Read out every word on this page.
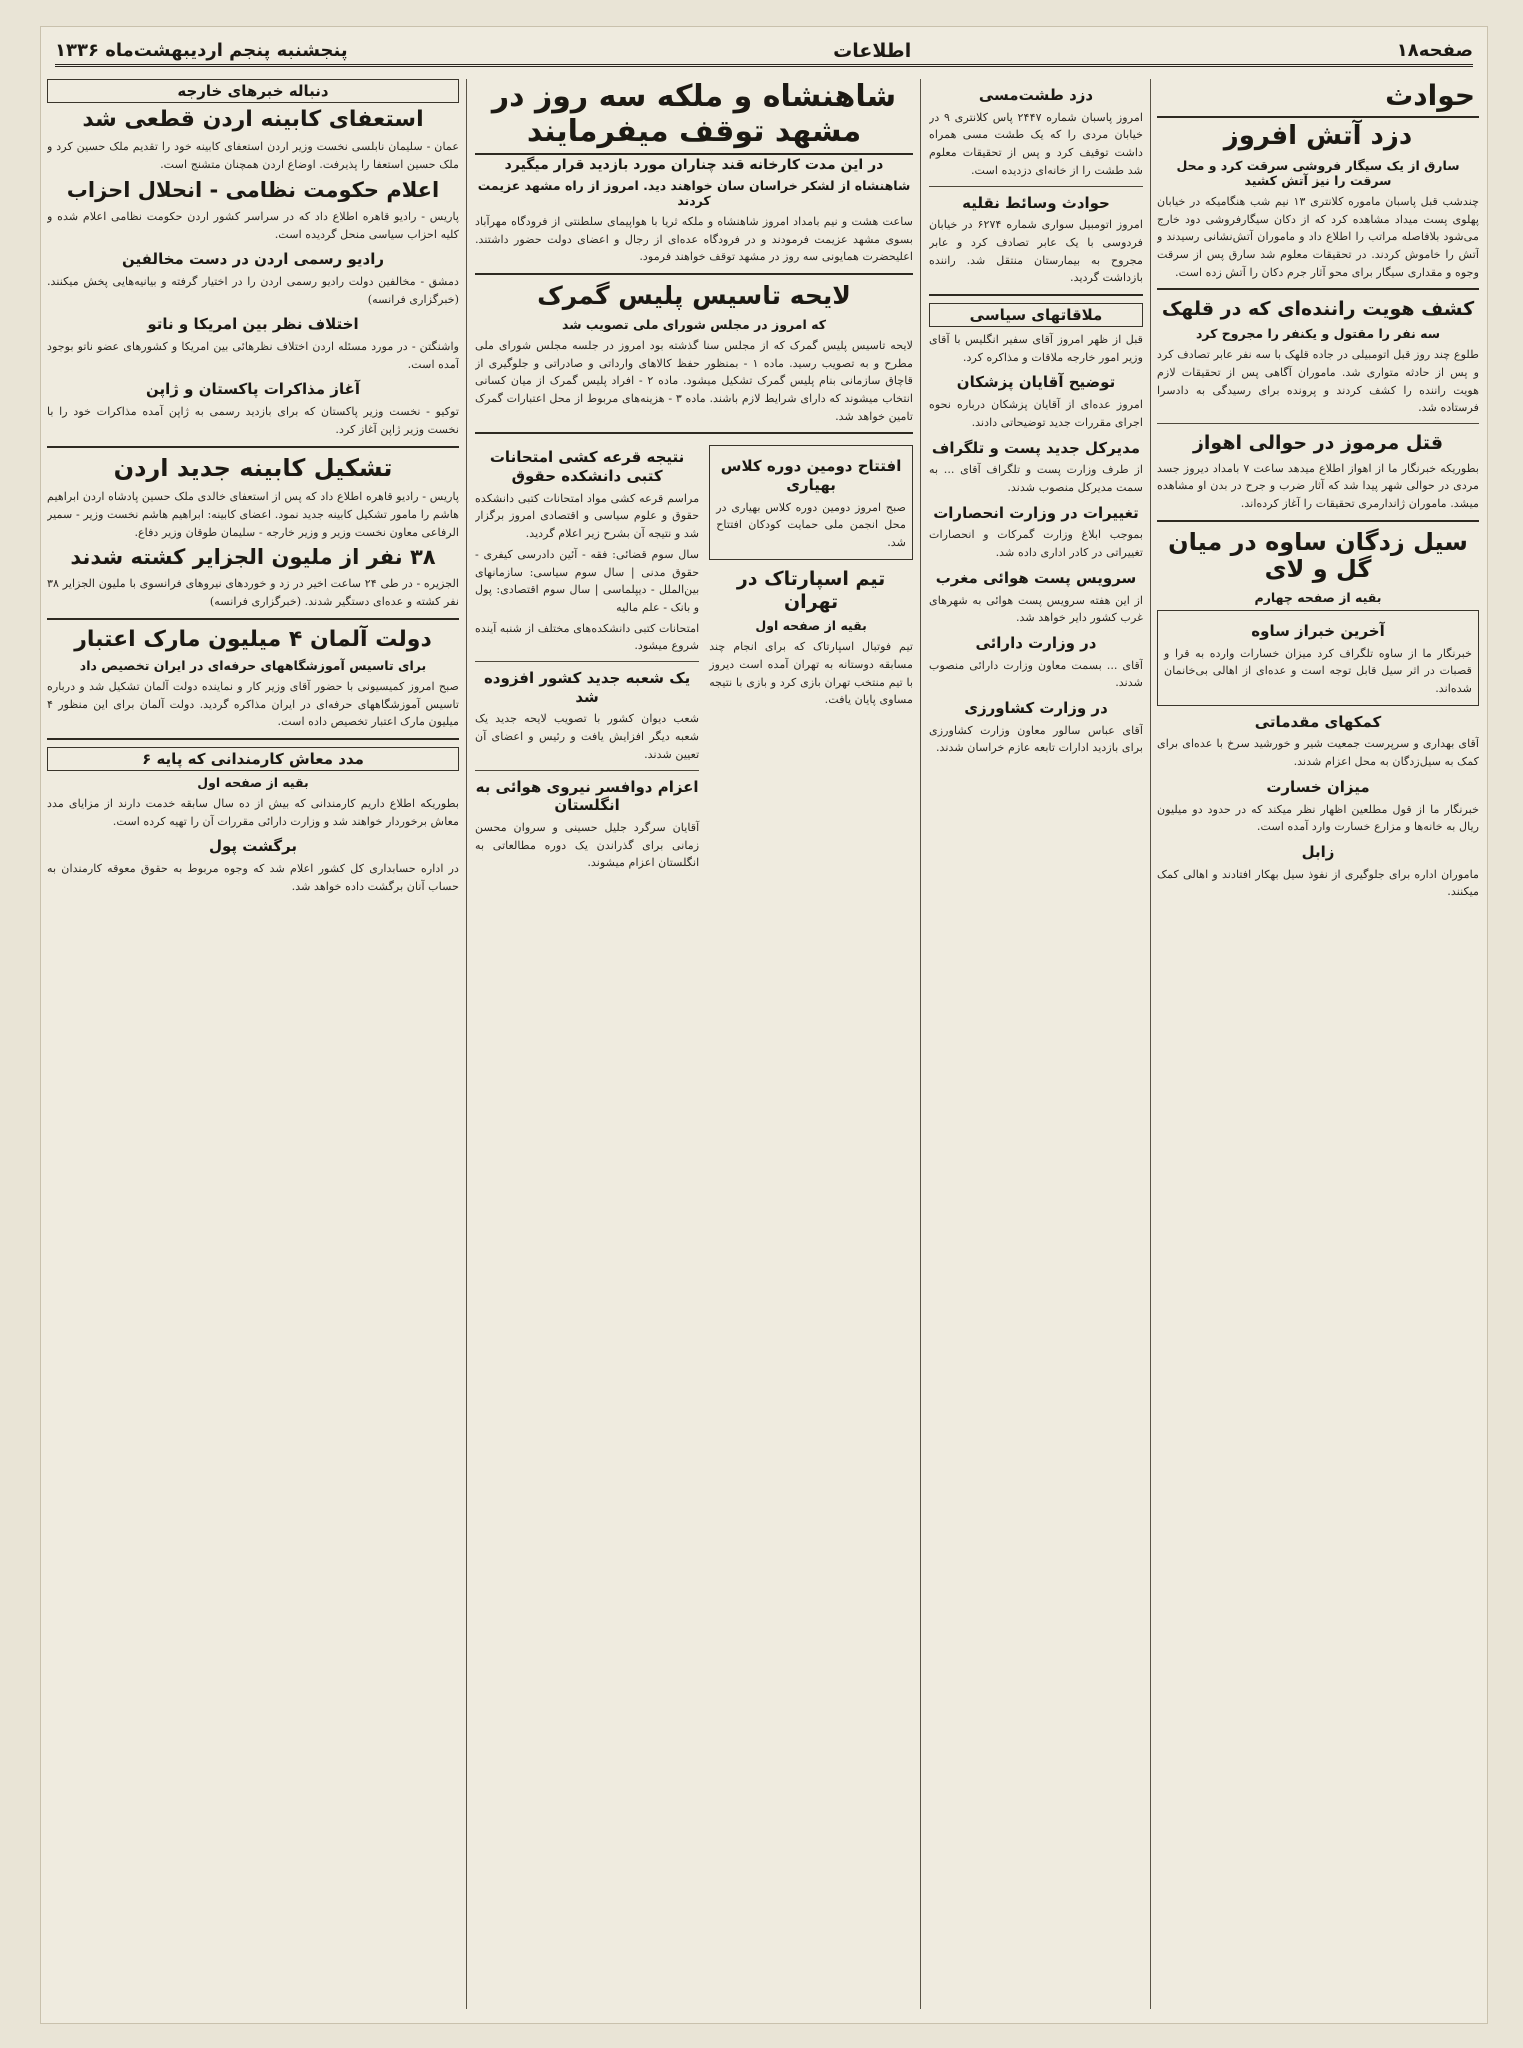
صفحه۱۸
اطلاعات
پنجشنبه پنجم اردیبهشت‌ماه ۱۳۳۶
حوادث
دزد آتش افروز
سارق از یک سیگار فروشی سرقت کرد و محل سرقت را نیز آتش کشید
چندشب قبل پاسبان ماموره کلانتری ۱۳ نیم شب هنگامیکه در خیابان پهلوی پست میداد مشاهده کرد که از دکان سیگارفروشی دود خارج می‌شود بلافاصله مراتب را اطلاع داد و ماموران آتش‌نشانی رسیدند و آتش را خاموش کردند. در تحقیقات معلوم شد سارق پس از سرقت وجوه و مقداری سیگار برای محو آثار جرم دکان را آتش زده است.
کشف هویت راننده‌ای که در قلهک
سه نفر را مقتول و یکنفر را مجروح کرد
طلوع چند روز قبل اتومبیلی در جاده قلهک با سه نفر عابر تصادف کرد و پس از حادثه متواری شد. ماموران آگاهی پس از تحقیقات لازم هویت راننده را کشف کردند و پرونده برای رسیدگی به دادسرا فرستاده شد.
قتل مرموز در حوالی اهواز
بطوریکه خبرنگار ما از اهواز اطلاع میدهد ساعت ۷ بامداد دیروز جسد مردی در حوالی شهر پیدا شد که آثار ضرب و جرح در بدن او مشاهده میشد. ماموران ژاندارمری تحقیقات را آغاز کرده‌اند.
سیل زدگان ساوه در میان گل و لای
بقیه از صفحه چهارم
آخرین خبراز ساوه
خبرنگار ما از ساوه تلگراف کرد میزان خسارات وارده به قرا و قصبات در اثر سیل قابل توجه است و عده‌ای از اهالی بی‌خانمان شده‌اند.
کمکهای مقدماتی
آقای بهداری و سرپرست جمعیت شیر و خورشید سرخ با عده‌ای برای کمک به سیل‌زدگان به محل اعزام شدند.
میزان خسارت
خبرنگار ما از قول مطلعین اظهار نظر میکند که در حدود دو میلیون ریال به خانه‌ها و مزارع خسارت وارد آمده است.
زابل
ماموران اداره برای جلوگیری از نفوذ سیل بهکار افتادند و اهالی کمک میکنند.
دزد طشت‌مسی
امروز پاسبان شماره ۲۴۴۷ پاس کلانتری ۹ در خیابان مردی را که یک طشت مسی همراه داشت توقیف کرد و پس از تحقیقات معلوم شد طشت را از خانه‌ای دزدیده است.
حوادث وسائط نقلیه
امروز اتومبیل سواری شماره ۶۲۷۴ در خیابان فردوسی با یک عابر تصادف کرد و عابر مجروح به بیمارستان منتقل شد. راننده بازداشت گردید.
ملاقاتهای سیاسی
قبل از ظهر امروز آقای سفیر انگلیس با آقای وزیر امور خارجه ملاقات و مذاکره کرد.
توضیح آقایان پزشکان
امروز عده‌ای از آقایان پزشکان درباره نحوه اجرای مقررات جدید توضیحاتی دادند.
مدیرکل جدید پست و تلگراف
از طرف وزارت پست و تلگراف آقای ... به سمت مدیرکل منصوب شدند.
تغییرات در وزارت انحصارات
بموجب ابلاغ وزارت گمرکات و انحصارات تغییراتی در کادر اداری داده شد.
سرویس پست هوائی مغرب
از این هفته سرویس پست هوائی به شهرهای غرب کشور دایر خواهد شد.
در وزارت دارائی
آقای ... بسمت معاون وزارت دارائی منصوب شدند.
در وزارت کشاورزی
آقای عباس سالور معاون وزارت کشاورزی برای بازدید ادارات تابعه عازم خراسان شدند.
شاهنشاه و ملکه سه روز در مشهد توقف میفرمایند
در این مدت کارخانه قند چناران مورد بازدید قرار میگیرد
شاهنشاه از لشکر خراسان سان خواهند دید. امروز از راه مشهد عزیمت کردند
ساعت هشت و نیم بامداد امروز شاهنشاه و ملکه ثریا با هواپیمای سلطنتی از فرودگاه مهرآباد بسوی مشهد عزیمت فرمودند و در فرودگاه عده‌ای از رجال و اعضای دولت حضور داشتند. اعلیحضرت همایونی سه روز در مشهد توقف خواهند فرمود.
لایحه تاسیس پلیس گمرک
که امروز در مجلس شورای ملی تصویب شد
لایحه تاسیس پلیس گمرک که از مجلس سنا گذشته بود امروز در جلسه مجلس شورای ملی مطرح و به تصویب رسید. ماده ۱ - بمنظور حفظ کالاهای وارداتی و صادراتی و جلوگیری از قاچاق سازمانی بنام پلیس گمرک تشکیل میشود. ماده ۲ - افراد پلیس گمرک از میان کسانی انتخاب میشوند که دارای شرایط لازم باشند. ماده ۳ - هزینه‌های مربوط از محل اعتبارات گمرک تامین خواهد شد.
افتتاح دومین دوره کلاس بهیاری
صبح امروز دومین دوره کلاس بهیاری در محل انجمن ملی حمایت کودکان افتتاح شد.
تیم اسپارتاک در تهران
بقیه از صفحه اول
تیم فوتبال اسپارتاک که برای انجام چند مسابقه دوستانه به تهران آمده است دیروز با تیم منتخب تهران بازی کرد و بازی با نتیجه مساوی پایان یافت.
نتیجه قرعه کشی امتحانات کتبی دانشکده حقوق
مراسم قرعه کشی مواد امتحانات کتبی دانشکده حقوق و علوم سیاسی و اقتصادی امروز برگزار شد و نتیجه آن بشرح زیر اعلام گردید.
سال سوم قضائی: فقه - آئین دادرسی کیفری - حقوق مدنی | سال سوم سیاسی: سازمانهای بین‌الملل - دیپلماسی | سال سوم اقتصادی: پول و بانک - علم مالیه
امتحانات کتبی دانشکده‌های مختلف از شنبه آینده شروع میشود.
یک شعبه جدید کشور افزوده شد
شعب دیوان کشور با تصویب لایحه جدید یک شعبه دیگر افزایش یافت و رئیس و اعضای آن تعیین شدند.
اعزام دوافسر نیروی هوائی به انگلستان
آقایان سرگرد جلیل حسینی و سروان محسن زمانی برای گذراندن یک دوره مطالعاتی به انگلستان اعزام میشوند.
دنباله خبرهای خارجه
استعفای کابینه اردن قطعی شد
عمان - سلیمان نابلسی نخست وزیر اردن استعفای کابینه خود را تقدیم ملک حسین کرد و ملک حسین استعفا را پذیرفت. اوضاع اردن همچنان متشنج است.
اعلام حکومت نظامی - انحلال احزاب
پاریس - رادیو قاهره اطلاع داد که در سراسر کشور اردن حکومت نظامی اعلام شده و کلیه احزاب سیاسی منحل گردیده است.
رادیو رسمی اردن در دست مخالفین
دمشق - مخالفین دولت رادیو رسمی اردن را در اختیار گرفته و بیانیه‌هایی پخش میکنند. (خبرگزاری فرانسه)
اختلاف نظر بین امریکا و ناتو
واشنگتن - در مورد مسئله اردن اختلاف نظرهائی بین امریکا و کشورهای عضو ناتو بوجود آمده است.
آغاز مذاکرات پاکستان و ژاپن
توکیو - نخست وزیر پاکستان که برای بازدید رسمی به ژاپن آمده مذاکرات خود را با نخست وزیر ژاپن آغاز کرد.
تشکیل کابینه جدید اردن
پاریس - رادیو قاهره اطلاع داد که پس از استعفای خالدی ملک حسین پادشاه اردن ابراهیم هاشم را مامور تشکیل کابینه جدید نمود. اعضای کابینه: ابراهیم هاشم نخست وزیر - سمیر الرفاعی معاون نخست وزیر و وزیر خارجه - سلیمان طوقان وزیر دفاع.
۳۸ نفر از ملیون الجزایر کشته شدند
الجزیره - در طی ۲۴ ساعت اخیر در زد و خوردهای نیروهای فرانسوی با ملیون الجزایر ۳۸ نفر کشته و عده‌ای دستگیر شدند. (خبرگزاری فرانسه)
دولت آلمان ۴ میلیون مارک اعتبار
برای تاسیس آموزشگاههای حرفه‌ای در ایران تخصیص داد
صبح امروز کمیسیونی با حضور آقای وزیر کار و نماینده دولت آلمان تشکیل شد و درباره تاسیس آموزشگاههای حرفه‌ای در ایران مذاکره گردید. دولت آلمان برای این منظور ۴ میلیون مارک اعتبار تخصیص داده است.
مدد معاش کارمندانی که پایه ۶
بقیه از صفحه اول
بطوریکه اطلاع داریم کارمندانی که بیش از ده سال سابقه خدمت دارند از مزایای مدد معاش برخوردار خواهند شد و وزارت دارائی مقررات آن را تهیه کرده است.
برگشت پول
در اداره حسابداری کل کشور اعلام شد که وجوه مربوط به حقوق معوقه کارمندان به حساب آنان برگشت داده خواهد شد.
